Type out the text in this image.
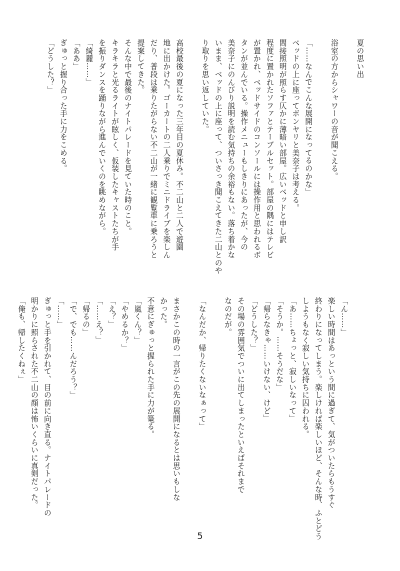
夏の思い出

浴室の方からシャワーの音が聞こえる。

「……なんでこんな展開になってるのかな」

ベッドの上に座ってボンヤリと美奈子は考える。

間接照明が照らす仄かに薄暗い部屋。広いベッドと申し訳

程度に置かれたソファとテーブルセット。部屋の隅にはテレビ

が置かれ、ベッドサイドのコンソールには操作用と思われるボ

タンが並んでいる。操作メニューもしきりにあったが、今の

美奈子にのんびり説明を読む気持ちの余裕もない。落ち着かな

いまま、ベッドの上に座って、ついさっき聞こえてきた二山とのや

り取りを思い返していた。

高校最後の夏になった三年目の夏休み。不二山と二人で遊園

地に出かけた。ゴーカートの二人乗りでミニドライブを楽しん

だり、普段は乗りたがらない不二山が一緒に観覧車に乗ろうと

提案してきた。

そんな中で最後のナイトパレードを見ていた時のこと。

キラキラと光るライトが眩しく、仮装したキャストたちが手

を振りダンスを踊りながら進んでいくのを眺めながら。

「綺麗……」

「ああ」

ぎゅっと握り合った手に力をこめる。

「どうした？」

「ん……」

楽しい時間はあっという間に過ぎて、気がついたらもうすぐ

終わりになってしまう。楽しければ楽しいほど、そんな時、ふとどう

しようもなく寂しい気持ちに囚われる。

「あ……ちょっと、寂しいなって」

「そうか。……そうだな」

「帰らなきゃ……いけない、けど」

「どうした？」

その場の雰囲気でついに出てしまったといえばそれまで

なのだが。

「なんだか、帰りたくないなぁって」

まさかこの時の一言がこの先の展開になるとは思いもしな

かった。

不意にぎゅっと握られた手に力が篭る。

「嵐くん？」

「やめるか？」

「え？」

「……え？」

「帰るの」

「で、でも……んだろう？」

「……」

ぎゅっと手を引かれて、目の前に向き直る。ナイトパレードの

明かりに照らされた不二山の顔は怖いくらいに真剣だった。

「俺も、帰したくねぇ」

5
